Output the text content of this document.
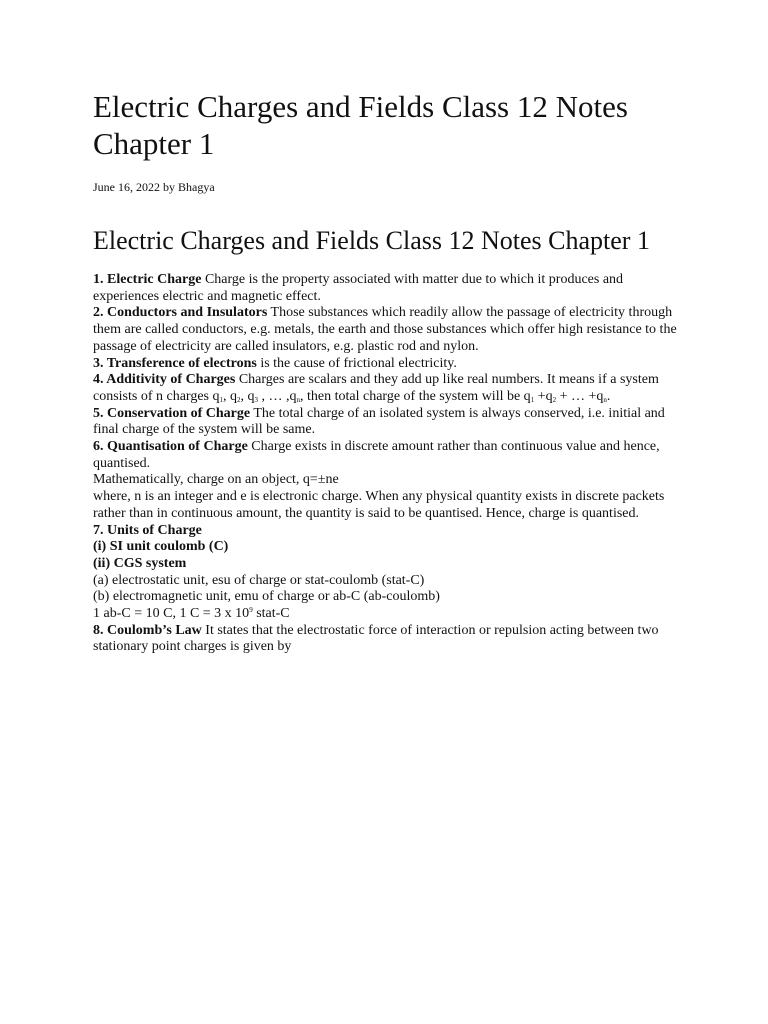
Electric Charges and Fields Class 12 Notes Chapter 1
June 16, 2022 by Bhagya
Electric Charges and Fields Class 12 Notes Chapter 1

1. Electric Charge Charge is the property associated with matter due to which it produces and experiences electric and magnetic effect.

2. Conductors and Insulators Those substances which readily allow the passage of electricity through them are called conductors, e.g. metals, the earth and those substances which offer high resistance to the passage of electricity are called insulators, e.g. plastic rod and nylon.

3. Transference of electrons is the cause of frictional electricity.

4. Additivity of Charges Charges are scalars and they add up like real numbers. It means if a system consists of n charges $q_1$, $q_2$, $q_3$ , … $,q_n$, then total charge of the system will be $q_1 +q_2$ + … $+q_n$.

5. Conservation of Charge The total charge of an isolated system is always conserved, i.e. initial and final charge of the system will be same.

6. Quantisation of Charge Charge exists in discrete amount rather than continuous value and hence, quantised.

Mathematically, charge on an object, q=±ne

where, n is an integer and e is electronic charge. When any physical quantity exists in discrete packets rather than in continuous amount, the quantity is said to be quantised. Hence, charge is quantised.

7. Units of Charge

(i) SI unit coulomb (C)

(ii) CGS system

(a) electrostatic unit, esu of charge or stat-coulomb (stat-C)

(b) electromagnetic unit, emu of charge or ab-C (ab-coulomb)

1 ab-C = 10 C, 1 C = 3 x $10^9$ stat-C

8. Coulomb’s Law It states that the electrostatic force of interaction or repulsion acting between two stationary point charges is given by
